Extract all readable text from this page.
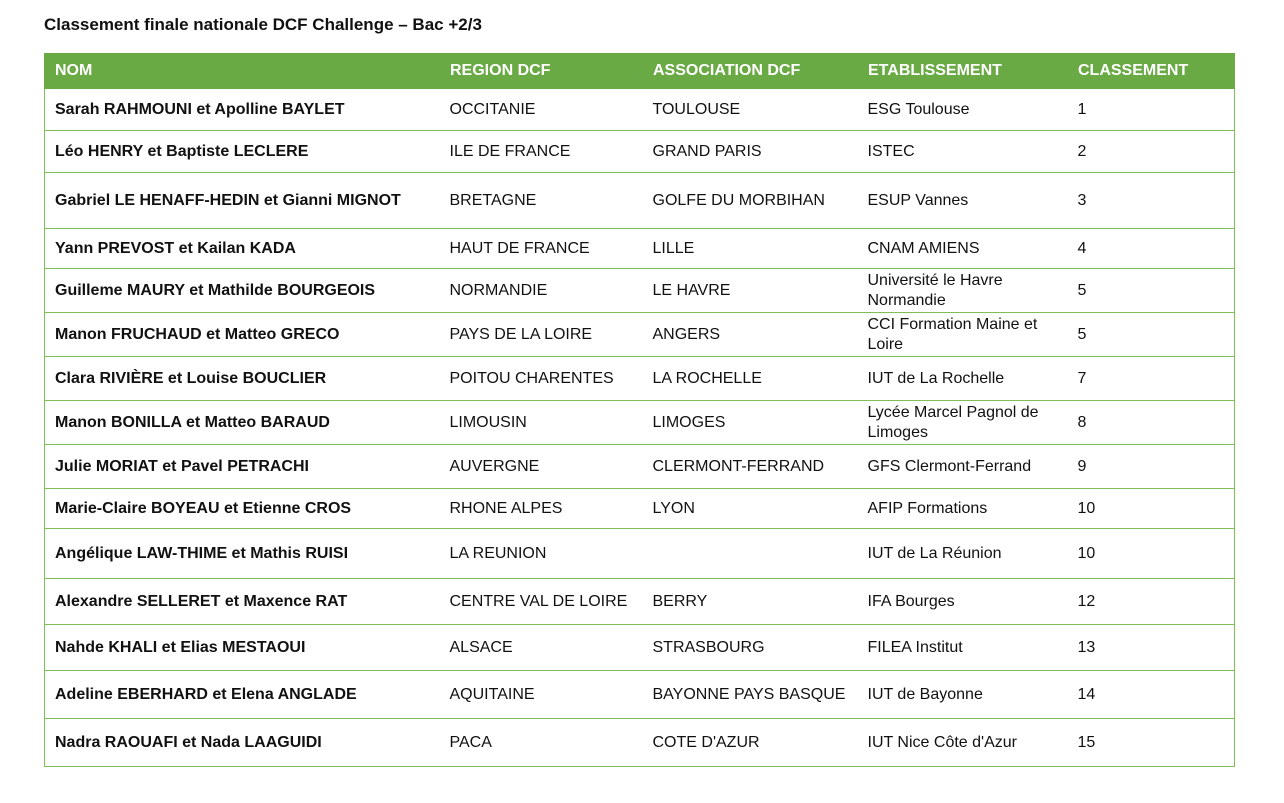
Classement finale nationale DCF Challenge – Bac +2/3
NOM	REGION DCF	ASSOCIATION DCF	ETABLISSEMENT	CLASSEMENT
Sarah RAHMOUNI et Apolline BAYLET	OCCITANIE	TOULOUSE	ESG Toulouse	1
Léo HENRY et Baptiste LECLERE	ILE DE FRANCE	GRAND PARIS	ISTEC	2
Gabriel LE HENAFF-HEDIN et Gianni MIGNOT	BRETAGNE	GOLFE DU MORBIHAN	ESUP Vannes	3
Yann PREVOST et Kailan KADA	HAUT DE FRANCE	LILLE	CNAM AMIENS	4
Guilleme MAURY et Mathilde BOURGEOIS	NORMANDIE	LE HAVRE	Université le Havre Normandie	5
Manon FRUCHAUD et Matteo GRECO	PAYS DE LA LOIRE	ANGERS	CCI Formation Maine et Loire	5
Clara RIVIÈRE et Louise BOUCLIER	POITOU CHARENTES	LA ROCHELLE	IUT de La Rochelle	7
Manon BONILLA et Matteo BARAUD	LIMOUSIN	LIMOGES	Lycée Marcel Pagnol de Limoges	8
Julie MORIAT et Pavel PETRACHI	AUVERGNE	CLERMONT-FERRAND	GFS Clermont-Ferrand	9
Marie-Claire BOYEAU et Etienne CROS	RHONE ALPES	LYON	AFIP Formations	10
Angélique LAW-THIME et Mathis RUISI	LA REUNION		IUT de La Réunion	10
Alexandre SELLERET et Maxence RAT	CENTRE VAL DE LOIRE	BERRY	IFA Bourges	12
Nahde KHALI et Elias MESTAOUI	ALSACE	STRASBOURG	FILEA Institut	13
Adeline EBERHARD et Elena ANGLADE	AQUITAINE	BAYONNE PAYS BASQUE	IUT de Bayonne	14
Nadra RAOUAFI et Nada LAAGUIDI	PACA	COTE D'AZUR	IUT Nice Côte d'Azur	15
